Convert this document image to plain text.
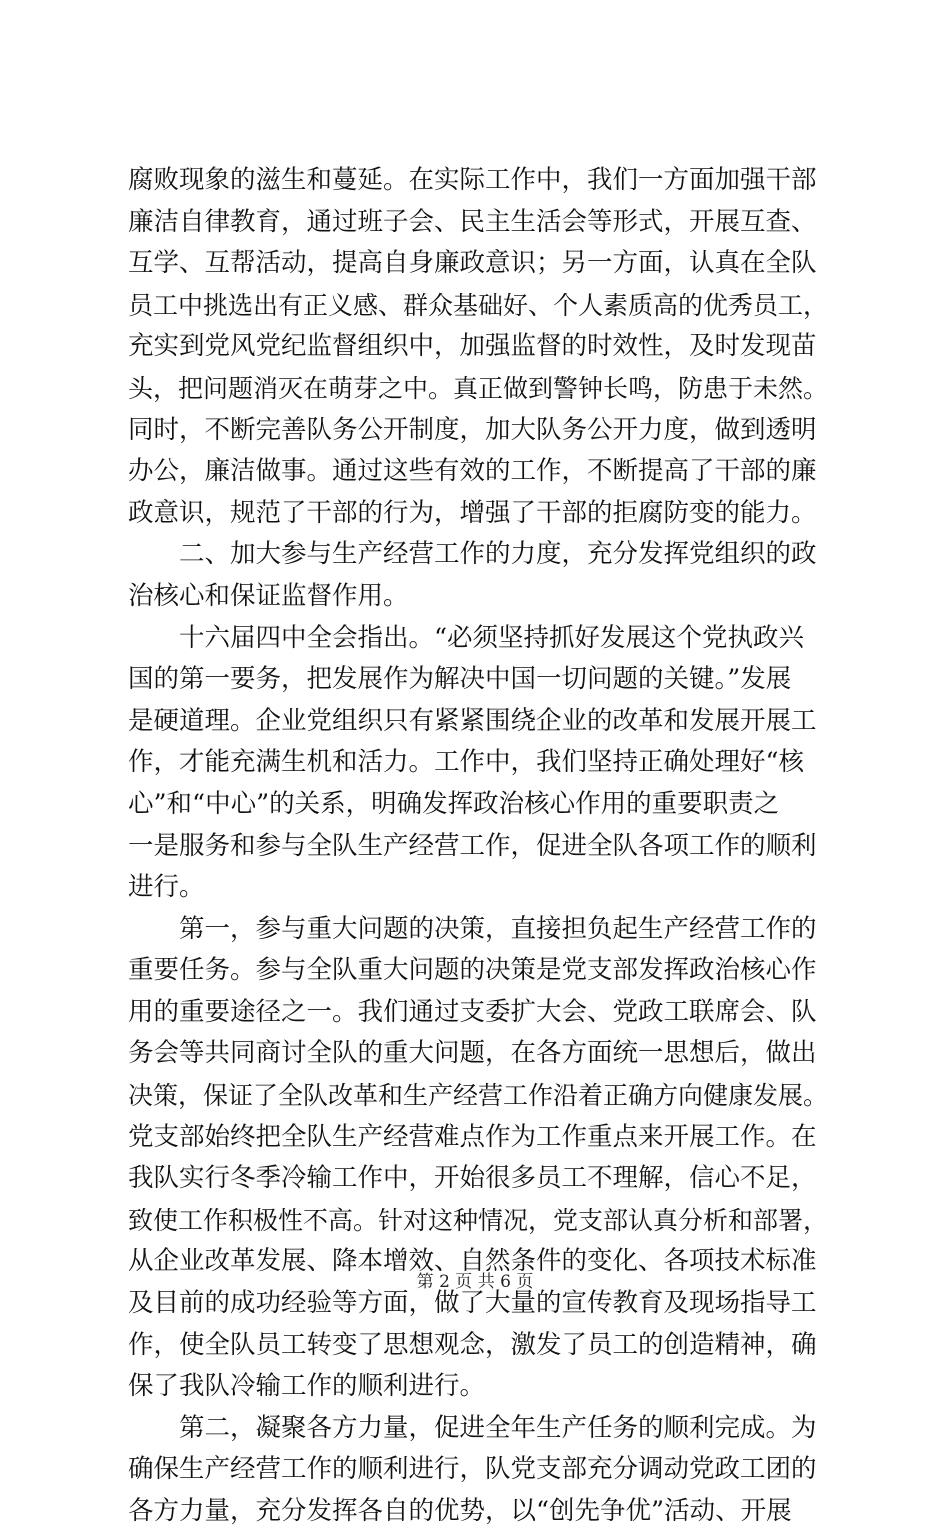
腐败现象的滋生和蔓延。在实际工作中，我们一方面加强干部
廉洁自律教育，通过班子会、民主生活会等形式，开展互查、
互学、互帮活动，提高自身廉政意识；另一方面，认真在全队
员工中挑选出有正义感、群众基础好、个人素质高的优秀员工，
充实到党风党纪监督组织中，加强监督的时效性，及时发现苗
头，把问题消灭在萌芽之中。真正做到警钟长鸣，防患于未然。
同时，不断完善队务公开制度，加大队务公开力度，做到透明
办公，廉洁做事。通过这些有效的工作，不断提高了干部的廉
政意识，规范了干部的行为，增强了干部的拒腐防变的能力。
　　二、加大参与生产经营工作的力度，充分发挥党组织的政
治核心和保证监督作用。
　　十六届四中全会指出。“必须坚持抓好发展这个党执政兴
国的第一要务，把发展作为解决中国一切问题的关键。”发展
是硬道理。企业党组织只有紧紧围绕企业的改革和发展开展工
作，才能充满生机和活力。工作中，我们坚持正确处理好“核
心”和“中心”的关系，明确发挥政治核心作用的重要职责之
一是服务和参与全队生产经营工作，促进全队各项工作的顺利
进行。
　　第一，参与重大问题的决策，直接担负起生产经营工作的
重要任务。参与全队重大问题的决策是党支部发挥政治核心作
用的重要途径之一。我们通过支委扩大会、党政工联席会、队
务会等共同商讨全队的重大问题，在各方面统一思想后，做出
决策，保证了全队改革和生产经营工作沿着正确方向健康发展。
党支部始终把全队生产经营难点作为工作重点来开展工作。在
我队实行冬季冷输工作中，开始很多员工不理解，信心不足，
致使工作积极性不高。针对这种情况，党支部认真分析和部署，
从企业改革发展、降本增效、自然条件的变化、各项技术标准
及目前的成功经验等方面，做了大量的宣传教育及现场指导工
作，使全队员工转变了思想观念，激发了员工的创造精神，确
保了我队冷输工作的顺利进行。
　　第二，凝聚各方力量，促进全年生产任务的顺利完成。为
确保生产经营工作的顺利进行，队党支部充分调动党政工团的
各方力量，充分发挥各自的优势，以“创先争优”活动、开展
第 2 页 共 6 页
